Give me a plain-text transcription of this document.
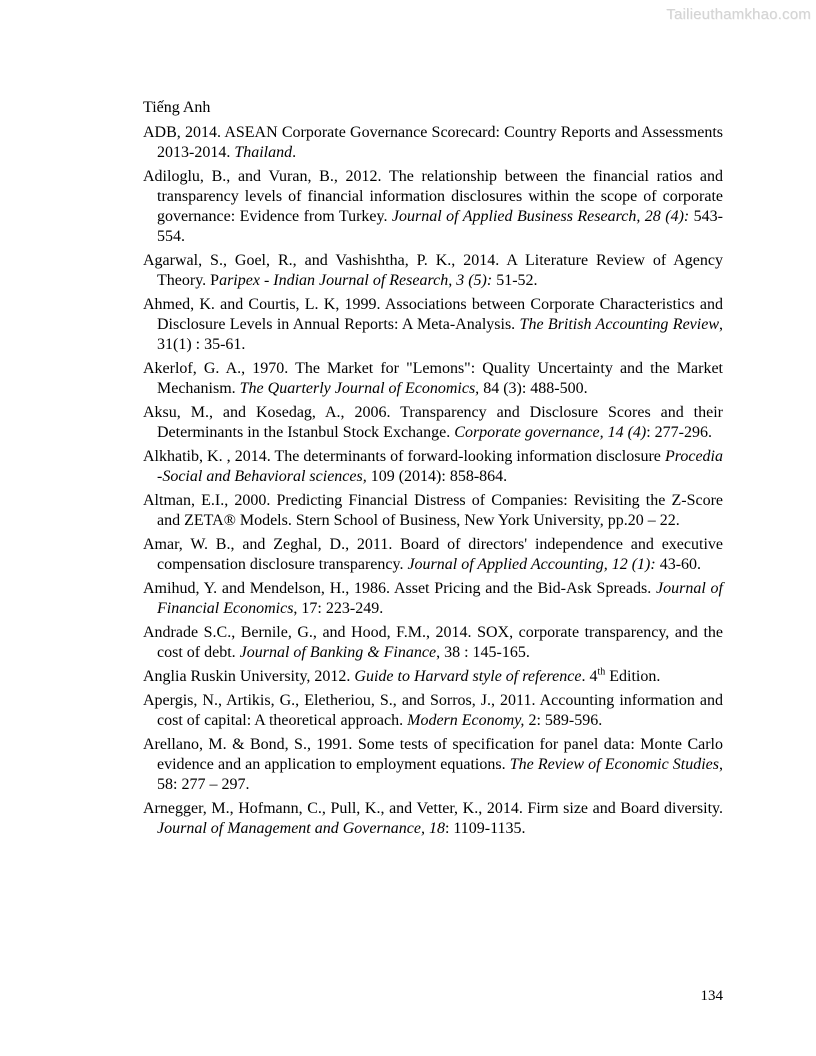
Tailieuthamkhao.com

Tiếng Anh

ADB, 2014. ASEAN Corporate Governance Scorecard: Country Reports and Assessments 2013-2014. Thailand.

Adiloglu, B., and Vuran, B., 2012. The relationship between the financial ratios and transparency levels of financial information disclosures within the scope of corporate governance: Evidence from Turkey. Journal of Applied Business Research, 28 (4): 543-554.

Agarwal, S., Goel, R., and Vashishtha, P. K., 2014. A Literature Review of Agency Theory. Paripex - Indian Journal of Research, 3 (5): 51-52.

Ahmed, K. and Courtis, L. K, 1999. Associations between Corporate Characteristics and Disclosure Levels in Annual Reports: A Meta-Analysis. The British Accounting Review, 31(1) : 35-61.

Akerlof, G. A., 1970. The Market for "Lemons": Quality Uncertainty and the Market Mechanism. The Quarterly Journal of Economics, 84 (3): 488-500.

Aksu, M., and Kosedag, A., 2006. Transparency and Disclosure Scores and their Determinants in the Istanbul Stock Exchange. Corporate governance, 14 (4): 277-296.

Alkhatib, K. , 2014. The determinants of forward-looking information disclosure Procedia -Social and Behavioral sciences, 109 (2014): 858-864.

Altman, E.I., 2000. Predicting Financial Distress of Companies: Revisiting the Z-Score and ZETA® Models. Stern School of Business, New York University, pp.20 – 22.

Amar, W. B., and Zeghal, D., 2011. Board of directors' independence and executive compensation disclosure transparency. Journal of Applied Accounting, 12 (1): 43-60.

Amihud, Y. and Mendelson, H., 1986. Asset Pricing and the Bid-Ask Spreads. Journal of Financial Economics, 17: 223-249.

Andrade S.C., Bernile, G., and Hood, F.M., 2014. SOX, corporate transparency, and the cost of debt. Journal of Banking & Finance, 38 : 145-165.

Anglia Ruskin University, 2012. Guide to Harvard style of reference. 4th Edition.

Apergis, N., Artikis, G., Eletheriou, S., and Sorros, J., 2011. Accounting information and cost of capital: A theoretical approach. Modern Economy, 2: 589-596.

Arellano, M. & Bond, S., 1991. Some tests of specification for panel data: Monte Carlo evidence and an application to employment equations. The Review of Economic Studies, 58: 277 – 297.

Arnegger, M., Hofmann, C., Pull, K., and Vetter, K., 2014. Firm size and Board diversity. Journal of Management and Governance, 18: 1109-1135.

134
